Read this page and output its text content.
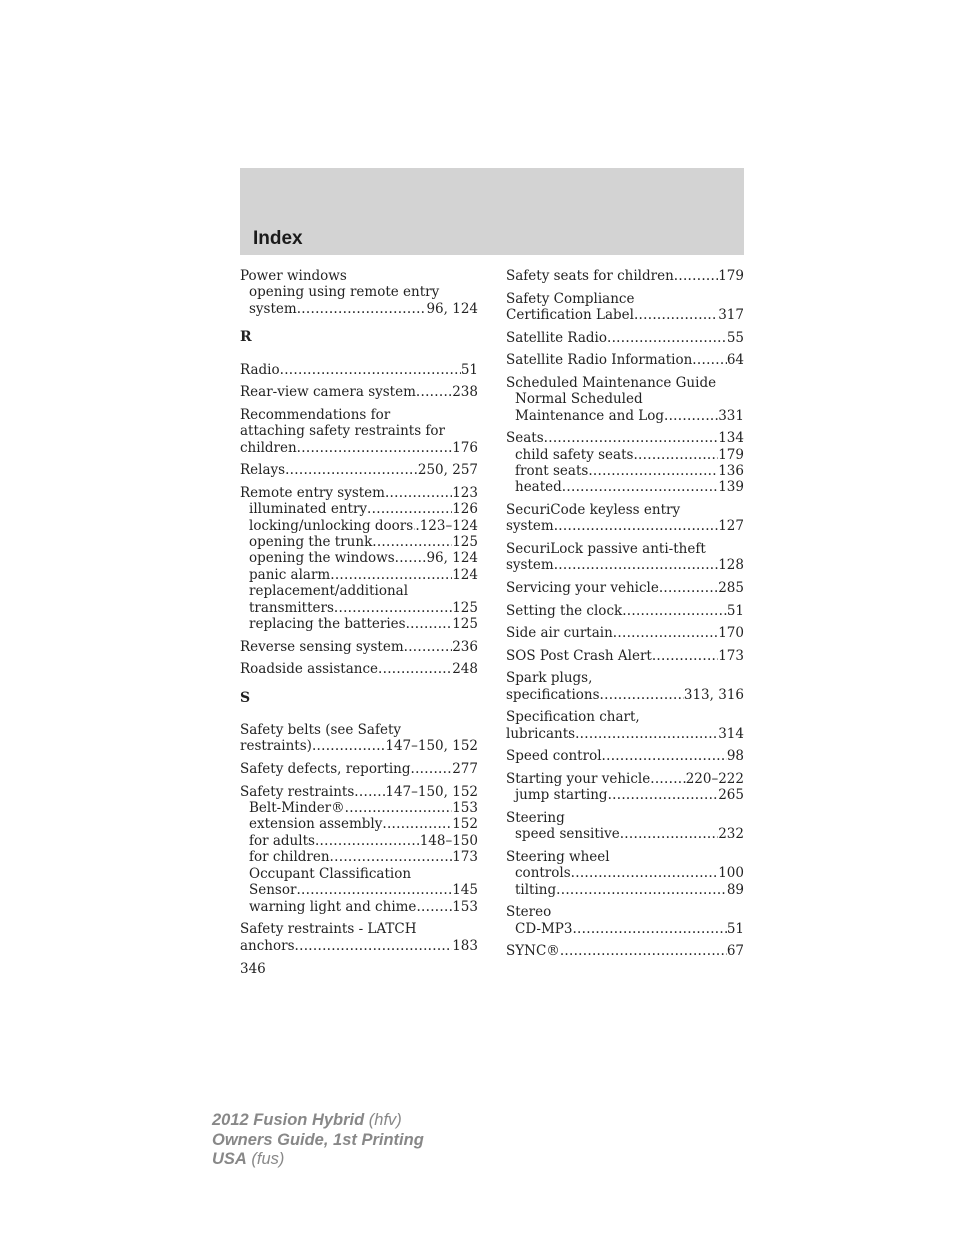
Index
Power windows
opening using remote entry
system .....	96, 124
R
Radio .....	51
Rear-view camera system .....	238
Recommendations for
attaching safety restraints for
children .....	176
Relays .....	250, 257
Remote entry system .....	123
illuminated entry .....	126
locking/unlocking doors ..... .123–124
opening the trunk .....	125
opening the windows ..... 96, 124
panic alarm .....	124
replacement/additional
transmitters .....	125
replacing the batteries .....	125
Reverse sensing system .....	236
Roadside assistance .....	248
S
Safety belts (see Safety
restraints) .....	147–150, 152
Safety defects, reporting .....	277
Safety restraints ..... 147–150, 152
Belt-Minder® .....	153
extension assembly .....	152
for adults .....	148–150
for children .....	173
Occupant Classification
Sensor .....	145
warning light and chime .....	153
Safety restraints - LATCH
anchors .....	183
Safety seats for children .....	179
Safety Compliance
Certification Label .....	317
Satellite Radio .....	55
Satellite Radio Information .....	64
Scheduled Maintenance Guide
Normal Scheduled
Maintenance and Log .....	331
Seats .....	134
child safety seats .....	179
front seats .....	136
heated .....	139
SecuriCode keyless entry
system .....	127
SecuriLock passive anti-theft
system .....	128
Servicing your vehicle .....	285
Setting the clock .....	51
Side air curtain .....	170
SOS Post Crash Alert .....	173
Spark plugs,
specifications .....	313, 316
Specification chart,
lubricants .....	314
Speed control .....	98
Starting your vehicle .....	220–222
jump starting .....	265
Steering
speed sensitive .....	232
Steering wheel
controls .....	100
tilting .....	89
Stereo
CD-MP3 .....	51
SYNC® .....	67
346
2012 Fusion Hybrid (hfv)
Owners Guide, 1st Printing
USA (fus)
